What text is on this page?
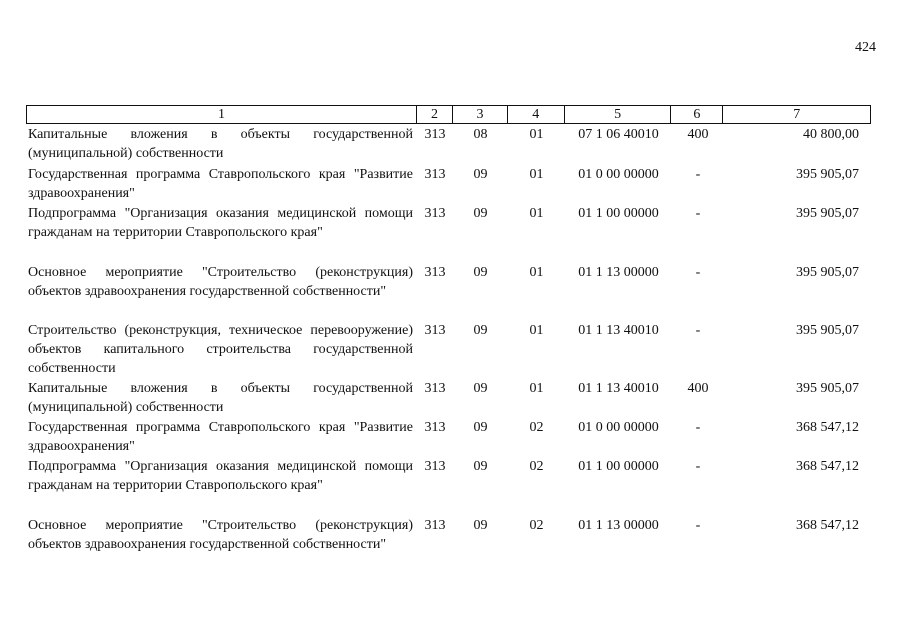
424
1	2	3	4	5	6	7
Капитальные вложения в объекты государственной (муниципальной) собственности
313	08	01	07 1 06 40010	400	40 800,00
Государственная программа Ставропольского края "Развитие здравоохранения"
313	09	01	01 0 00 00000	-	395 905,07
Подпрограмма "Организация оказания медицинской помощи гражданам на территории Ставропольского края"
313	09	01	01 1 00 00000	-	395 905,07
Основное мероприятие "Строительство (реконструкция) объектов здравоохранения государственной собственности"
313	09	01	01 1 13 00000	-	395 905,07
Строительство (реконструкция, техническое перевооружение) объектов капитального строительства государственной собственности
313	09	01	01 1 13 40010	-	395 905,07
Капитальные вложения в объекты государственной (муниципальной) собственности
313	09	01	01 1 13 40010	400	395 905,07
Государственная программа Ставропольского края "Развитие здравоохранения"
313	09	02	01 0 00 00000	-	368 547,12
Подпрограмма "Организация оказания медицинской помощи гражданам на территории Ставропольского края"
313	09	02	01 1 00 00000	-	368 547,12
Основное мероприятие "Строительство (реконструкция) объектов здравоохранения государственной собственности"
313	09	02	01 1 13 00000	-	368 547,12
